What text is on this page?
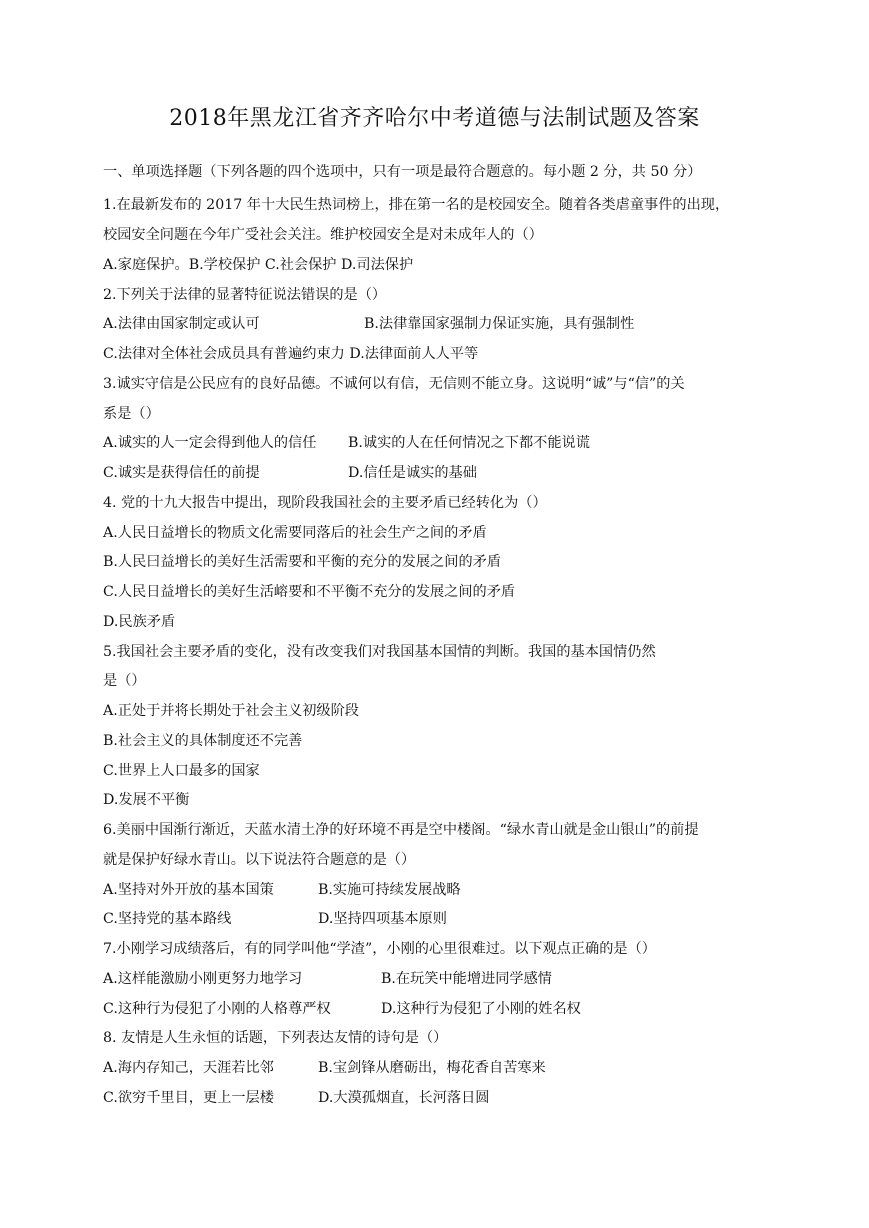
2018年黑龙江省齐齐哈尔中考道德与法制试题及答案
一、单项选择题（下列各题的四个选项中，只有一项是最符合题意的。每小题 2 分，共 50 分）
1.在最新发布的 2017 年十大民生热词榜上，排在第一名的是校园安全。随着各类虐童事件的出现，
校园安全问题在今年广受社会关注。维护校园安全是对未成年人的（）
A.家庭保护。B.学校保护 C.社会保护 D.司法保护
2.下列关于法律的显著特征说法错误的是（）
A.法律由国家制定或认可	B.法律靠国家强制力保证实施，具有强制性
C.法律对全体社会成员具有普遍约束力 D.法律面前人人平等
3.诚实守信是公民应有的良好品德。不诚何以有信，无信则不能立身。这说明“诚”与“信”的关
系是（）
A.诚实的人一定会得到他人的信任 B.诚实的人在任何情况之下都不能说谎
C.诚实是获得信任的前提	D.信任是诚实的基础
4. 党的十九大报告中提出，现阶段我国社会的主要矛盾已经转化为（）
A.人民日益增长的物质文化需要同落后的社会生产之间的矛盾
B.人民曰益增长的美好生活需要和平衡的充分的发展之间的矛盾
C.人民日益增长的美好生活嵱要和不平衡不充分的发展之间的矛盾
D.民族矛盾
5.我国社会主要矛盾的变化，没有改变我们对我国基本国情的判断。我国的基本国情仍然
是（）
A.正处于并将长期处于社会主义初级阶段
B.社会主义的具体制度还不完善
C.世界上人口最多的国家
D.发展不平衡
6.美丽中国渐行渐近，天蓝水清土净的好环境不再是空中楼阁。“绿水青山就是金山银山”的前提
就是保护好绿水青山。以下说法符合题意的是（）
A.坚持对外开放的基本国策	B.实施可持续发展战略
C.坚持党的基本路线	D.坚持四项基本原则
7.小刚学习成绩落后，有的同学叫他“学渣”，小刚的心里很难过。以下观点正确的是（）
A.这样能激励小刚更努力地学习	B.在玩笑中能增进同学感情
C.这种行为侵犯了小刚的人格尊严权	D.这种行为侵犯了小刚的姓名权
8. 友情是人生永恒的话题，下列表达友情的诗句是（）
A.海内存知己，天涯若比邻	B.宝剑锋从磨砺出，梅花香自苦寒来
C.欲穷千里目，更上一层楼	D.大漠孤烟直，长河落日圆
